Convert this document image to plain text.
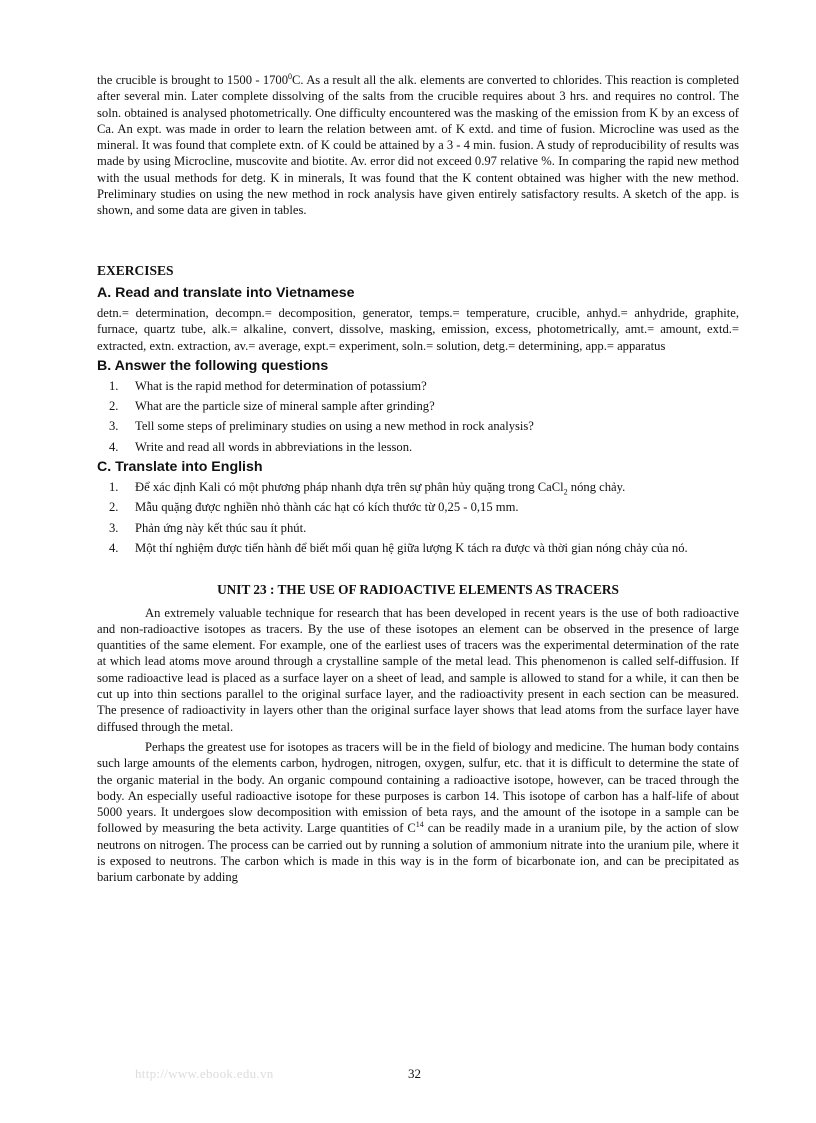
the crucible is brought to 1500 - 1700$^0$C. As a result all the alk. elements are converted to chlorides. This reaction is completed after several min. Later complete dissolving of the salts from the crucible requires about 3 hrs. and requires no control. The soln. obtained is analysed photometrically. One difficulty encountered was the masking of the emission from K by an excess of Ca. An expt. was made in order to learn the relation between amt. of K extd. and time of fusion. Microcline was used as the mineral. It was found that complete extn. of K could be attained by a 3 - 4 min. fusion. A study of reproducibility of results was made by using Microcline, muscovite and biotite. Av. error did not exceed 0.97 relative %. In comparing the rapid new method with the usual methods for detg. K in minerals, It was found that the K content obtained was higher with the new method. Preliminary studies on using the new method in rock analysis have given entirely satisfactory results. A sketch of the app. is shown, and some data are given in tables.

EXERCISES
A. Read and translate into Vietnamese

detn.= determination, decompn.= decomposition, generator, temps.= temperature, crucible, anhyd.= anhydride, graphite, furnace, quartz tube, alk.= alkaline, convert, dissolve, masking, emission, excess, photometrically, amt.= amount, extd.= extracted, extn. extraction, av.= average, expt.= experiment, soln.= solution, detg.= determining, app.= apparatus

B. Answer the following questions
1. What is the rapid method for determination of potassium?
2. What are the particle size of mineral sample after grinding?
3. Tell some steps of preliminary studies on using a new method in rock analysis?
4. Write and read all words in abbreviations in the lesson.
C. Translate into English
1. Để xác định Kali có một phương pháp nhanh dựa trên sự phân hủy quặng trong CaCl$_2$ nóng chảy.
2. Mẫu quặng được nghiền nhỏ thành các hạt có kích thước từ 0,25 - 0,15 mm.
3. Phản ứng này kết thúc sau ít phút.
4. Một thí nghiệm được tiến hành để biết mối quan hệ giữa lượng K tách ra được và thời gian nóng chảy của nó.
UNIT 23 : THE USE OF RADIOACTIVE ELEMENTS AS TRACERS

An extremely valuable technique for research that has been developed in recent years is the use of both radioactive and non-radioactive isotopes as tracers. By the use of these isotopes an element can be observed in the presence of large quantities of the same element. For example, one of the earliest uses of tracers was the experimental determination of the rate at which lead atoms move around through a crystalline sample of the metal lead. This phenomenon is called self-diffusion. If some radioactive lead is placed as a surface layer on a sheet of lead, and sample is allowed to stand for a while, it can then be cut up into thin sections parallel to the original surface layer, and the radioactivity present in each section can be measured. The presence of radioactivity in layers other than the original surface layer shows that lead atoms from the surface layer have diffused through the metal.

Perhaps the greatest use for isotopes as tracers will be in the field of biology and medicine. The human body contains such large amounts of the elements carbon, hydrogen, nitrogen, oxygen, sulfur, etc. that it is difficult to determine the state of the organic material in the body. An organic compound containing a radioactive isotope, however, can be traced through the body. An especially useful radioactive isotope for these purposes is carbon 14. This isotope of carbon has a half-life of about 5000 years. It undergoes slow decomposition with emission of beta rays, and the amount of the isotope in a sample can be followed by measuring the beta activity. Large quantities of $C^{14}$ can be readily made in a uranium pile, by the action of slow neutrons on nitrogen. The process can be carried out by running a solution of ammonium nitrate into the uranium pile, where it is exposed to neutrons. The carbon which is made in this way is in the form of bicarbonate ion, and can be precipitated as barium carbonate by adding

http://www.ebook.edu.vn	32
